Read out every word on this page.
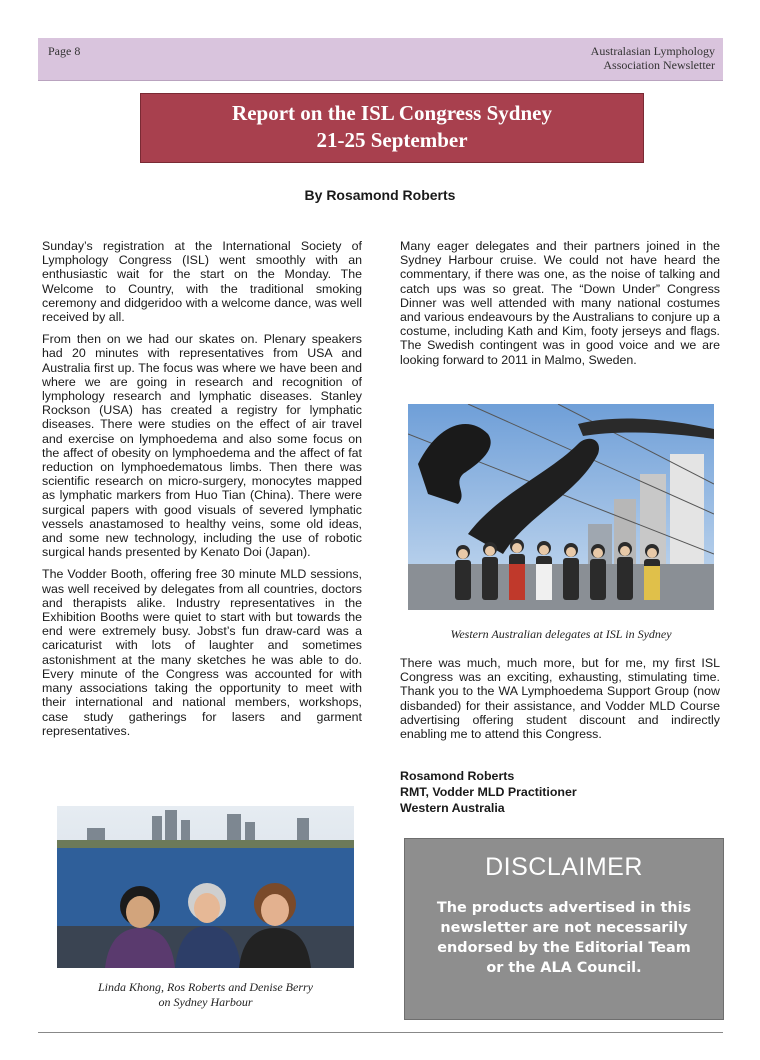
Page 8	Australasian Lymphology
Association Newsletter
Report on the ISL Congress Sydney
21-25 September
By Rosamond Roberts

Sunday’s registration at the International Society of Lymphology Congress (ISL) went smoothly with an enthusiastic wait for the start on the Monday. The Welcome to Country, with the traditional smoking ceremony and didgeridoo with a welcome dance, was well received by all.

From then on we had our skates on. Plenary speakers had 20 minutes with representatives from USA and Australia first up. The focus was where we have been and where we are going in research and recognition of lymphology research and lymphatic diseases. Stanley Rockson (USA) has created a registry for lymphatic diseases. There were studies on the effect of air travel and exercise on lymphoedema and also some focus on the affect of obesity on lymphoedema and the affect of fat reduction on lymphoedematous limbs. Then there was scientific research on micro-surgery, monocytes mapped as lymphatic markers from Huo Tian (China). There were surgical papers with good visuals of severed lymphatic vessels anastamosed to healthy veins, some old ideas, and some new technology, including the use of robotic surgical hands presented by Kenato Doi (Japan).

The Vodder Booth, offering free 30 minute MLD sessions, was well received by delegates from all countries, doctors and therapists alike. Industry representatives in the Exhibition Booths were quiet to start with but towards the end were extremely busy. Jobst’s fun draw-card was a caricaturist with lots of laughter and sometimes astonishment at the many sketches he was able to do. Every minute of the Congress was accounted for with many associations taking the opportunity to meet with their international and national members, workshops, case study gatherings for lasers and garment representatives.

Many eager delegates and their partners joined in the Sydney Harbour cruise. We could not have heard the commentary, if there was one, as the noise of talking and catch ups was so great. The “Down Under” Congress Dinner was well attended with many national costumes and various endeavours by the Australians to conjure up a costume, including Kath and Kim, footy jerseys and flags. The Swedish contingent was in good voice and we are looking forward to 2011 in Malmo, Sweden.

Western Australian delegates at ISL in Sydney

There was much, much more, but for me, my first ISL Congress was an exciting, exhausting, stimulating time. Thank you to the WA Lymphoedema Support Group (now disbanded) for their assistance, and Vodder MLD Course advertising offering student discount and indirectly enabling me to attend this Congress.

Rosamond Roberts
RMT, Vodder MLD Practitioner
Western Australia
Linda Khong, Ros Roberts and Denise Berry
on Sydney Harbour
DISCLAIMER
The products advertised in this newsletter are not necessarily endorsed by the Editorial Team or the ALA Council.
